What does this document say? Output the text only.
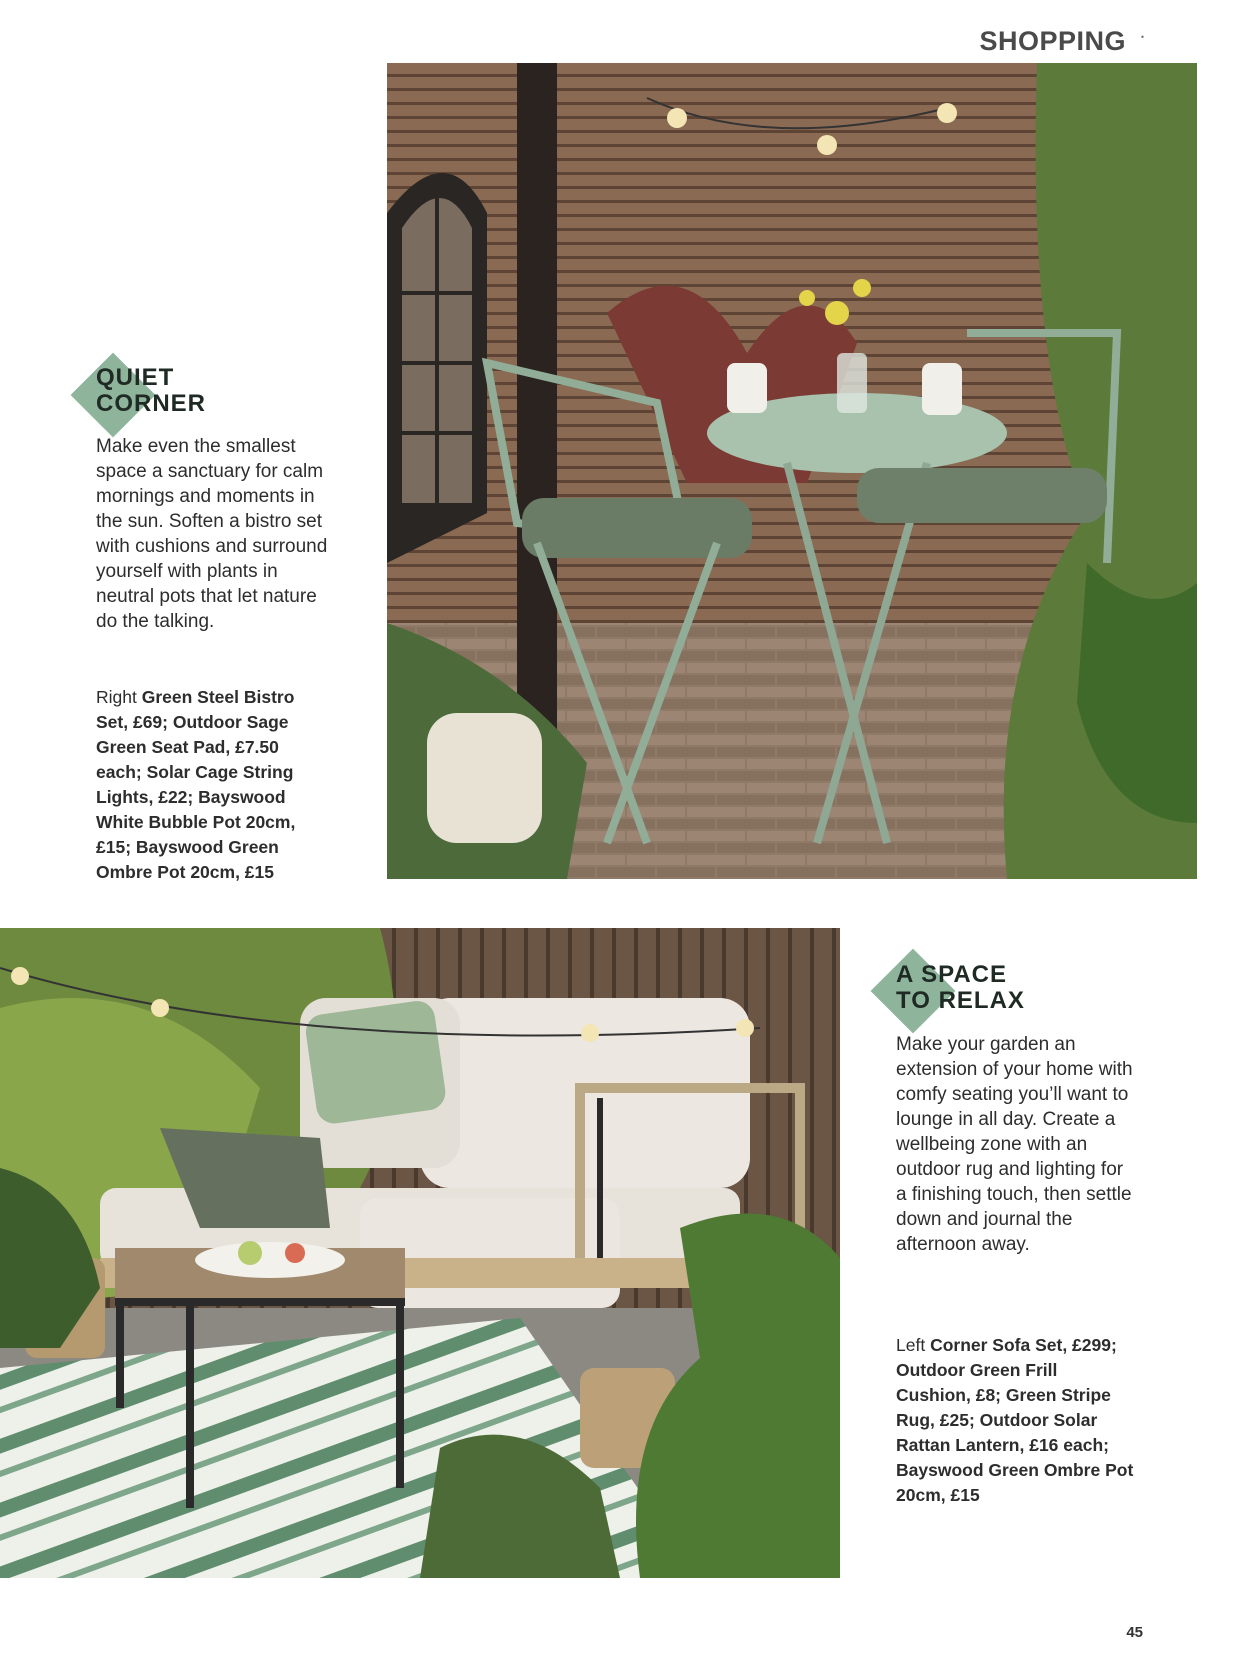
SHOPPING •
QUIET
CORNER
Make even the smallest space a sanctuary for calm mornings and moments in the sun. Soften a bistro set with cushions and surround yourself with plants in neutral pots that let nature do the talking.
Right Green Steel Bistro Set, £69; Outdoor Sage Green Seat Pad, £7.50 each; Solar Cage String Lights, £22; Bayswood White Bubble Pot 20cm, £15; Bayswood Green Ombre Pot 20cm, £15
A SPACE
TO RELAX
Make your garden an extension of your home with comfy seating you’ll want to lounge in all day. Create a wellbeing zone with an outdoor rug and lighting for a finishing touch, then settle down and journal the afternoon away.
Left Corner Sofa Set, £299; Outdoor Green Frill Cushion, £8; Green Stripe Rug, £25; Outdoor Solar Rattan Lantern, £16 each; Bayswood Green Ombre Pot 20cm, £15
45
